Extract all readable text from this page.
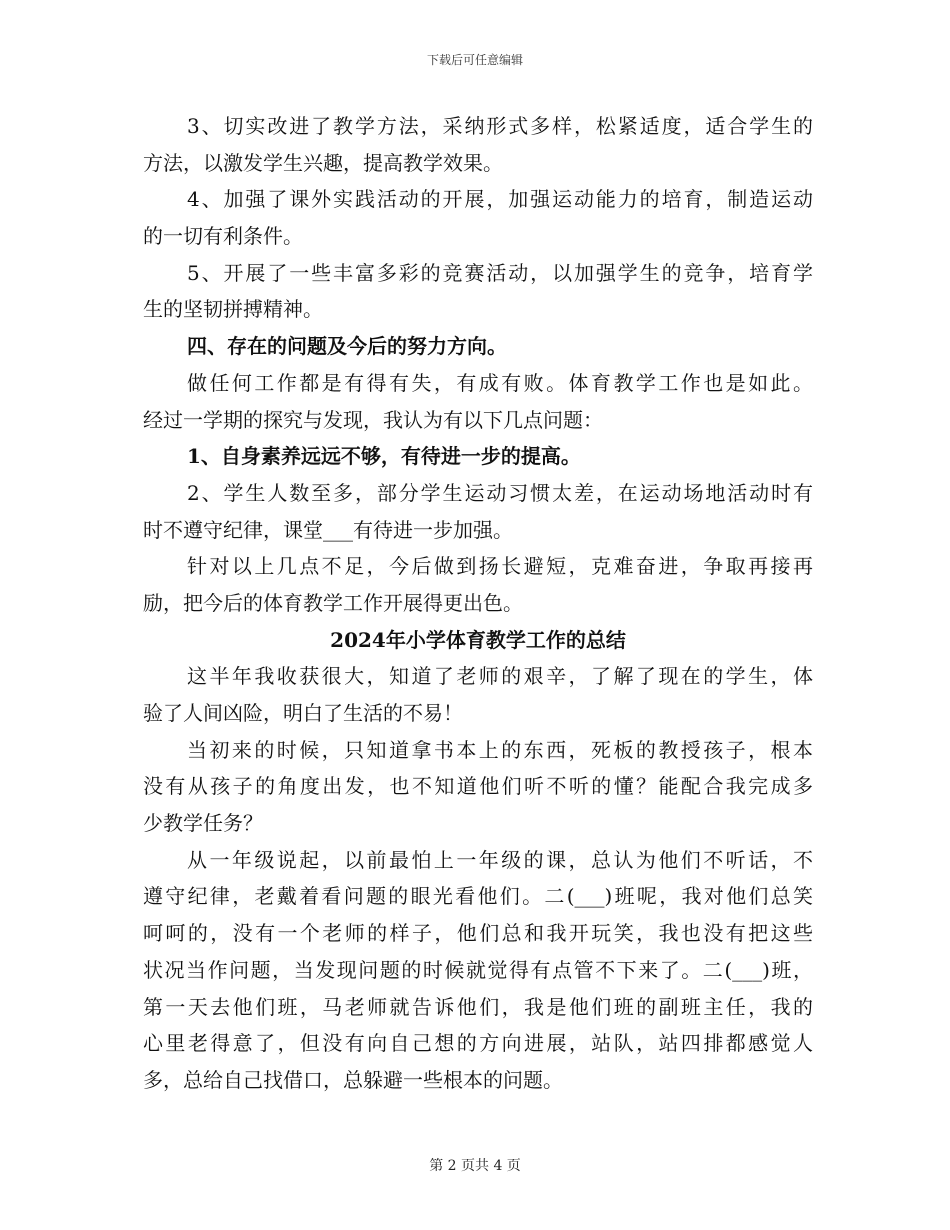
下载后可任意编辑
3、切实改进了教学方法，采纳形式多样，松紧适度，适合学生的
方法，以激发学生兴趣，提高教学效果。
4、加强了课外实践活动的开展，加强运动能力的培育，制造运动
的一切有利条件。
5、开展了一些丰富多彩的竞赛活动，以加强学生的竞争，培育学
生的坚韧拼搏精神。
四、存在的问题及今后的努力方向。
做任何工作都是有得有失，有成有败。体育教学工作也是如此。
经过一学期的探究与发现，我认为有以下几点问题：
1、自身素养远远不够，有待进一步的提高。
2、学生人数至多，部分学生运动习惯太差，在运动场地活动时有
时不遵守纪律，课堂___有待进一步加强。
针对以上几点不足，今后做到扬长避短，克难奋进，争取再接再
励，把今后的体育教学工作开展得更出色。
2024年小学体育教学工作的总结
这半年我收获很大，知道了老师的艰辛，了解了现在的学生，体
验了人间凶险，明白了生活的不易！
当初来的时候，只知道拿书本上的东西，死板的教授孩子，根本
没有从孩子的角度出发，也不知道他们听不听的懂？能配合我完成多
少教学任务？
从一年级说起，以前最怕上一年级的课，总认为他们不听话，不
遵守纪律，老戴着看问题的眼光看他们。二(___)班呢，我对他们总笑
呵呵的，没有一个老师的样子，他们总和我开玩笑，我也没有把这些
状况当作问题，当发现问题的时候就觉得有点管不下来了。二(___)班，
第一天去他们班，马老师就告诉他们，我是他们班的副班主任，我的
心里老得意了，但没有向自己想的方向进展，站队，站四排都感觉人
多，总给自己找借口，总躲避一些根本的问题。
第 2 页共 4 页
